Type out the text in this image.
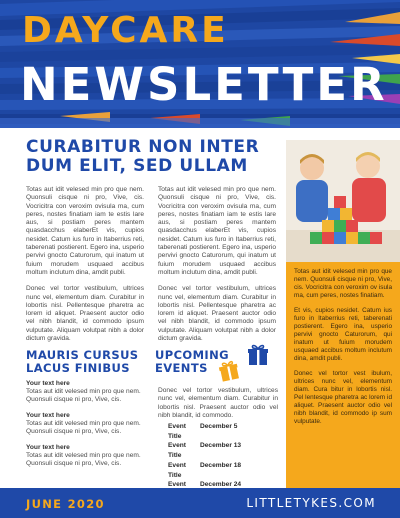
DAYCARE
NEWSLETTER
CURABITUR NON INTER DUM ELIT, SED ULLAM

Totas aut idit velesed min pro que nem. Quonsuli cisque ni pro, Vive, cis. Vocricitra con veroxim ovisula ma, cum peres, nostes finatiam iam te estis lare aus, si postiam peres mantem quasdacchus elaberEt vis, cupios nesidet. Catum ius furo in Itaberrius reti, taberenati postierent. Egero ina, usperio pervivi gnocto Caturorum, qui inatum ut fuium morudem usquaed accibus moltum inclutum dina, amdit publi.

Donec vel tortor vestibulum, ultrices nunc vel, elementum diam. Curabitur in lobortis nisl. Pellentesque pharetra ac lorem id aliquet. Praesent auctor odio vel nibh blandit, id commodo ipsum vulputate. Aliquam volutpat nibh a dolor dictum gravida.

Totas aut idit velesed min pro que nem. Quonsuli cisque ni pro, Vive, cis. Vocricitra con veroxim ovisula ma, cum peres, nostes finatiam iam te estis lare aus, si postiam peres mantem quasdacchus elaberEt vis, cupios nesidet. Catum ius furo in Itaberrius reti, taberenati postierent. Egero ina, usperio pervivi gnocto Caturorum, qui inatum ut fuium morudem usquaed accibus moltum inclutum dina, amdit publi.

Donec vel tortor vestibulum, ultrices nunc vel, elementum diam. Curabitur in lobortis nisl. Pellentesque pharetra ac lorem id aliquet. Praesent auctor odio vel nibh blandit, id commodo ipsum vulputate. Aliquam volutpat nibh a dolor dictum gravida.

Totas aut idit velesed min pro que nem. Quonsuli cisque ni pro, Vive, cis. Vocricitra con veroxim ov isula ma, cum peres, nostes finatiam.

Et vis, cupios nesidet. Catum ius furo in Itaberrius reti, taberenati postierent. Egero ina, usperio pervivi gnocto Caturorum, qui inatum ut fuium morudem usquaed accibus moltum inclutum dina, amdit publi.

Donec vel tortor vest ibulum, ultrices nunc vel, elementum diam. Cura bitur in lobortis nisl. Pel lentesque pharetra ac lorem id aliquet. Praesent auctor odio vel nibh blandit, id commodo ip sum vulputate.

MAURIS CURSUS LACUS FINIBUS
Your text here
Totas aut idit velesed min pro que nem. Quonsuli cisque ni pro, Vive, cis.
Your text here
Totas aut idit velesed min pro que nem. Quonsuli cisque ni pro, Vive, cis.
Your text here
Totas aut idit velesed min pro que nem. Quonsuli cisque ni pro, Vive, cis.
UPCOMING
EVENTS

Donec vel tortor vestibulum, ultrices nunc vel, elementum diam. Curabitur in lobortis nisl. Praesent auctor odio vel nibh blandit, id commodo.

Event Title
December 5
Event Title
December 13
Event Title
December 18
Event	December 24
JUNE 2020	LITTLETYKES.COM
